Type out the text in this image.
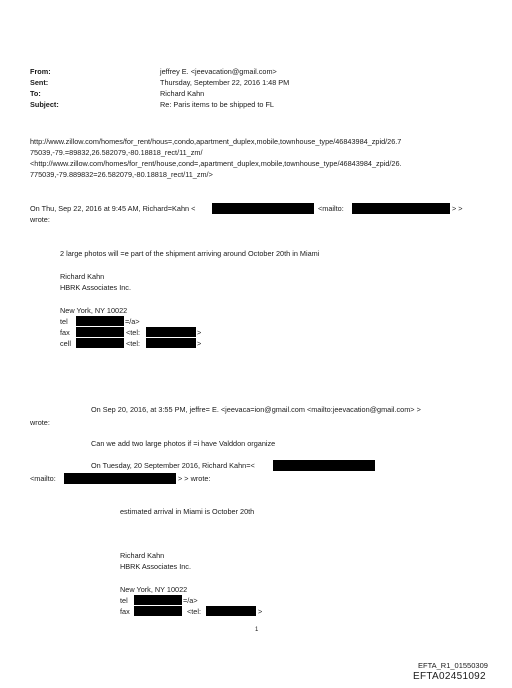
From:	jeffrey E. <jeevacation@gmail.com>
Sent:	Thursday, September 22, 2016 1:48 PM
To:	Richard Kahn
Subject:	Re: Paris items to be shipped to FL
http://www.zillow.com/homes/for_rent/hous=,condo,apartment_duplex,mobile,townhouse_type/46843984_zpid/26.7
75039,-79.=89832,26.582079,-80.18818_rect/11_zm/
<http://www.zillow.com/homes/for_rent/house,cond=,apartment_duplex,mobile,townhouse_type/46843984_zpid/26.
775039,-79.889832=26.582079,-80.18818_rect/11_zm/>
On Thu, Sep 22, 2016 at 9:45 AM, Richard=Kahn <	<mailto:	> >
wrote:
2 large photos will =e part of the shipment arriving around October 20th in Miami
Richard Kahn
HBRK Associates Inc.
New York, NY 10022
tel	=/a>
fax	<tel:	>
cell	<tel:	>
On Sep 20, 2016, at 3:55 PM, jeffre= E. <jeevaca=ion@gmail.com <mailto:jeevacation@gmail.com> >
wrote:
Can we add two large photos if =i have Valddon organize
On Tuesday, 20 September 2016, Richard Kahn=<
<mailto:	> > wrote:
estimated arrival in Miami is October 20th
Richard Kahn
HBRK Associates Inc.
New York, NY 10022
tel	=/a>
fax	<tel:	>
1
EFTA_R1_01550309
EFTA02451092
